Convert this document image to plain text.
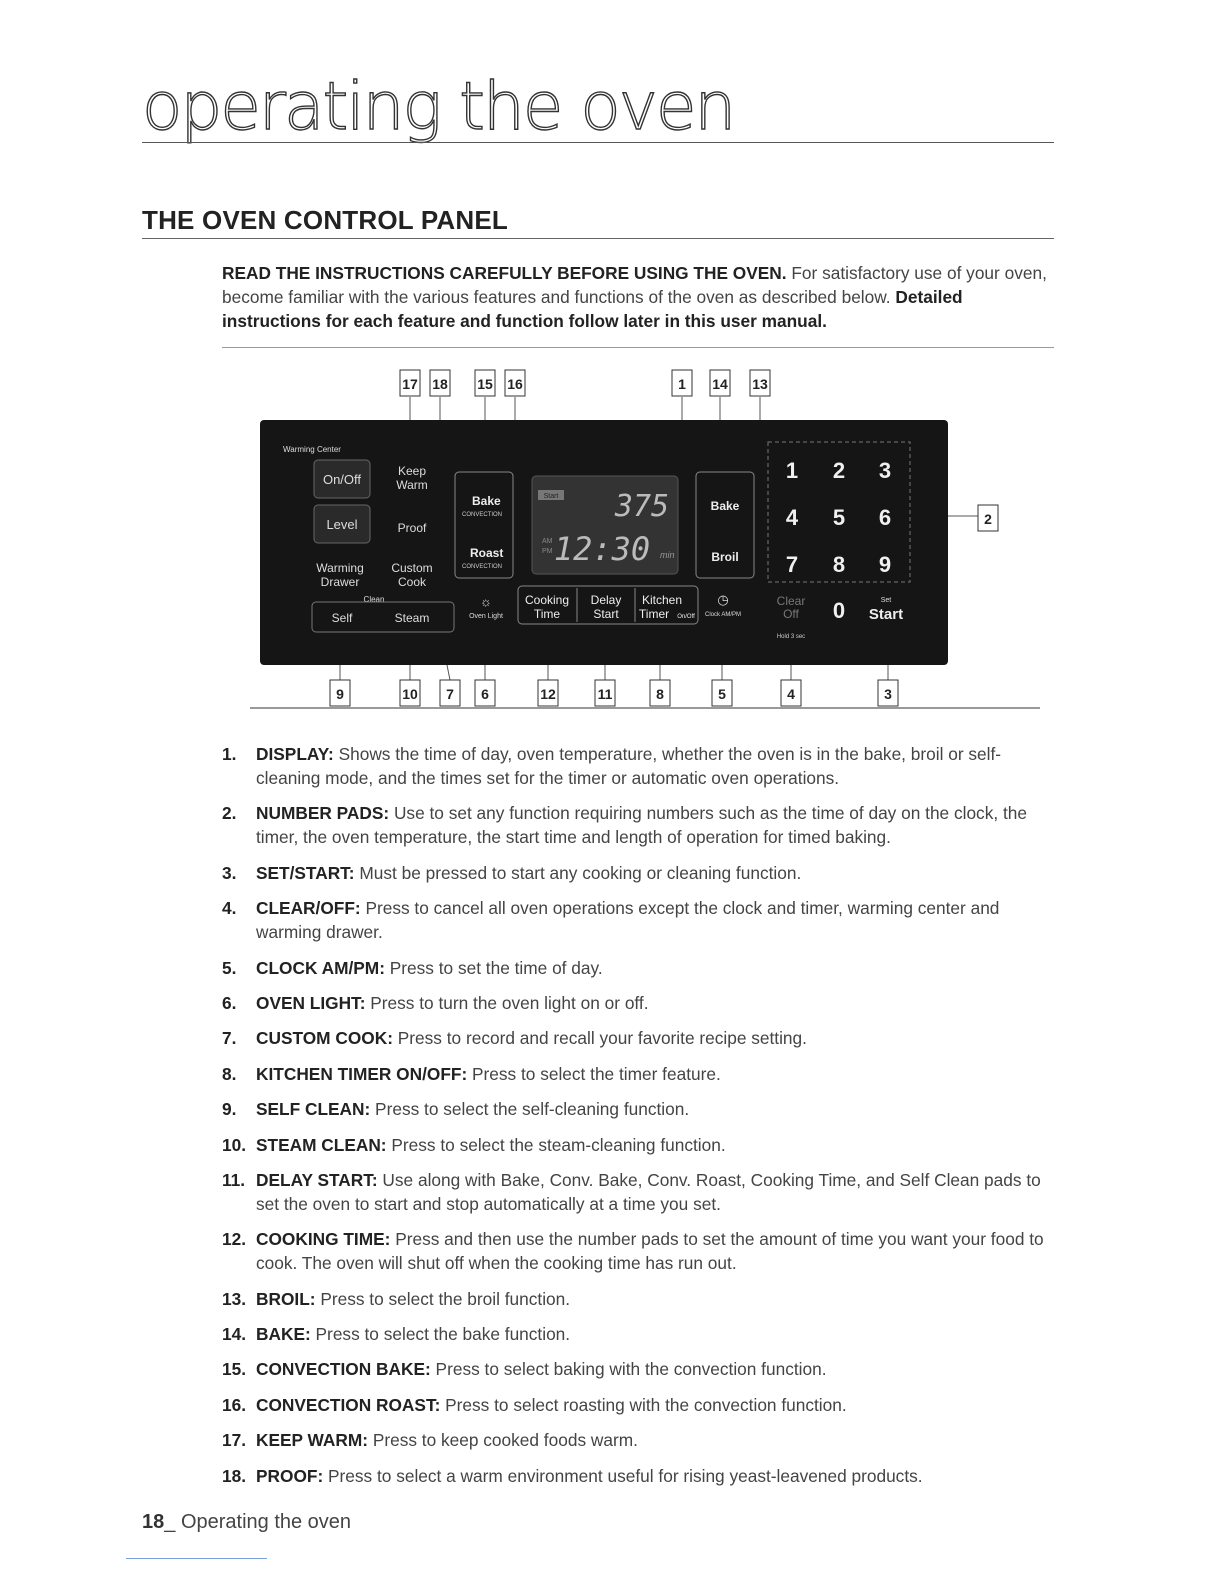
operating the oven
THE OVEN CONTROL PANEL

READ THE INSTRUCTIONS CAREFULLY BEFORE USING THE OVEN. For satisfactory use of your oven, become familiar with the various features and functions of the oven as described below. Detailed instructions for each feature and function follow later in this user manual.

17 18 15 16	1 14 13
Warming Center
On/Off
Level
Warming
Drawer
Keep
Warm
Proof
Custom
Cook
Clean
Self	Steam
Bake
CONVECTION
Roast
CONVECTION
☼
Oven Light
Start
AM
PM
375
12:30 min
Cooking
Time
Delay
Start
Kitchen
Timer On/Off
◷
Clock AM/PM
Bake
Broil
1 2 3
4 5 6
7 8 9
0
Clear
Off
Hold 3 sec
Set
Start
2
9	10 7 6	12	11	8	5	4	3
1. DISPLAY: Shows the time of day, oven temperature, whether the oven is in the bake, broil or self-cleaning mode, and the times set for the timer or automatic oven operations.
2. NUMBER PADS: Use to set any function requiring numbers such as the time of day on the clock, the timer, the oven temperature, the start time and length of operation for timed baking.
3. SET/START: Must be pressed to start any cooking or cleaning function.
4. CLEAR/OFF: Press to cancel all oven operations except the clock and timer, warming center and warming drawer.
5. CLOCK AM/PM: Press to set the time of day.
6. OVEN LIGHT: Press to turn the oven light on or off.
7. CUSTOM COOK: Press to record and recall your favorite recipe setting.
8. KITCHEN TIMER ON/OFF: Press to select the timer feature.
9. SELF CLEAN: Press to select the self-cleaning function.
10. STEAM CLEAN: Press to select the steam-cleaning function.
11. DELAY START: Use along with Bake, Conv. Bake, Conv. Roast, Cooking Time, and Self Clean pads to set the oven to start and stop automatically at a time you set.
12. COOKING TIME: Press and then use the number pads to set the amount of time you want your food to cook. The oven will shut off when the cooking time has run out.
13. BROIL: Press to select the broil function.
14. BAKE: Press to select the bake function.
15. CONVECTION BAKE: Press to select baking with the convection function.
16. CONVECTION ROAST: Press to select roasting with the convection function.
17. KEEP WARM: Press to keep cooked foods warm.
18. PROOF: Press to select a warm environment useful for rising yeast-leavened products.
18_ Operating the oven
